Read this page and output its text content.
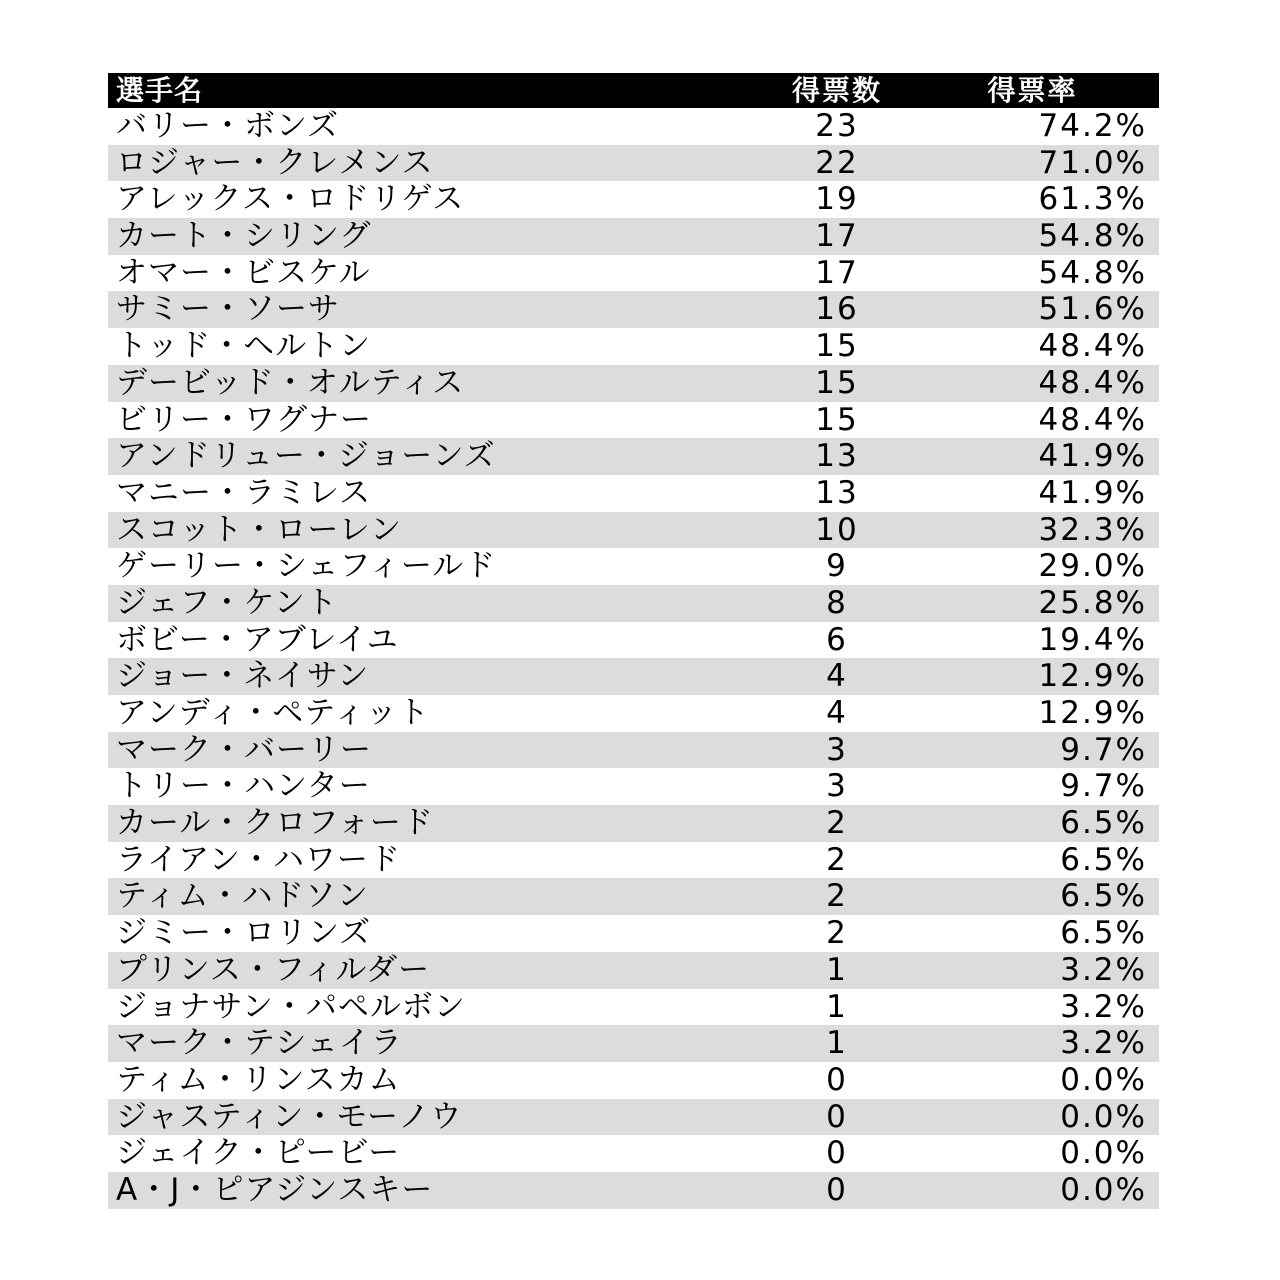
選手名	得票数	得票率
バリー・ボンズ	23	74.2%
ロジャー・クレメンス	22	71.0%
アレックス・ロドリゲス	19	61.3%
カート・シリング	17	54.8%
オマー・ビスケル	17	54.8%
サミー・ソーサ	16	51.6%
トッド・ヘルトン	15	48.4%
デービッド・オルティス	15	48.4%
ビリー・ワグナー	15	48.4%
アンドリュー・ジョーンズ	13	41.9%
マニー・ラミレス	13	41.9%
スコット・ローレン	10	32.3%
ゲーリー・シェフィールド	9	29.0%
ジェフ・ケント	8	25.8%
ボビー・アブレイユ	6	19.4%
ジョー・ネイサン	4	12.9%
アンディ・ペティット	4	12.9%
マーク・バーリー	3	9.7%
トリー・ハンター	3	9.7%
カール・クロフォード	2	6.5%
ライアン・ハワード	2	6.5%
ティム・ハドソン	2	6.5%
ジミー・ロリンズ	2	6.5%
プリンス・フィルダー	1	3.2%
ジョナサン・パペルボン	1	3.2%
マーク・テシェイラ	1	3.2%
ティム・リンスカム	0	0.0%
ジャスティン・モーノウ	0	0.0%
ジェイク・ピービー	0	0.0%
A・J・ピアジンスキー	0	0.0%
